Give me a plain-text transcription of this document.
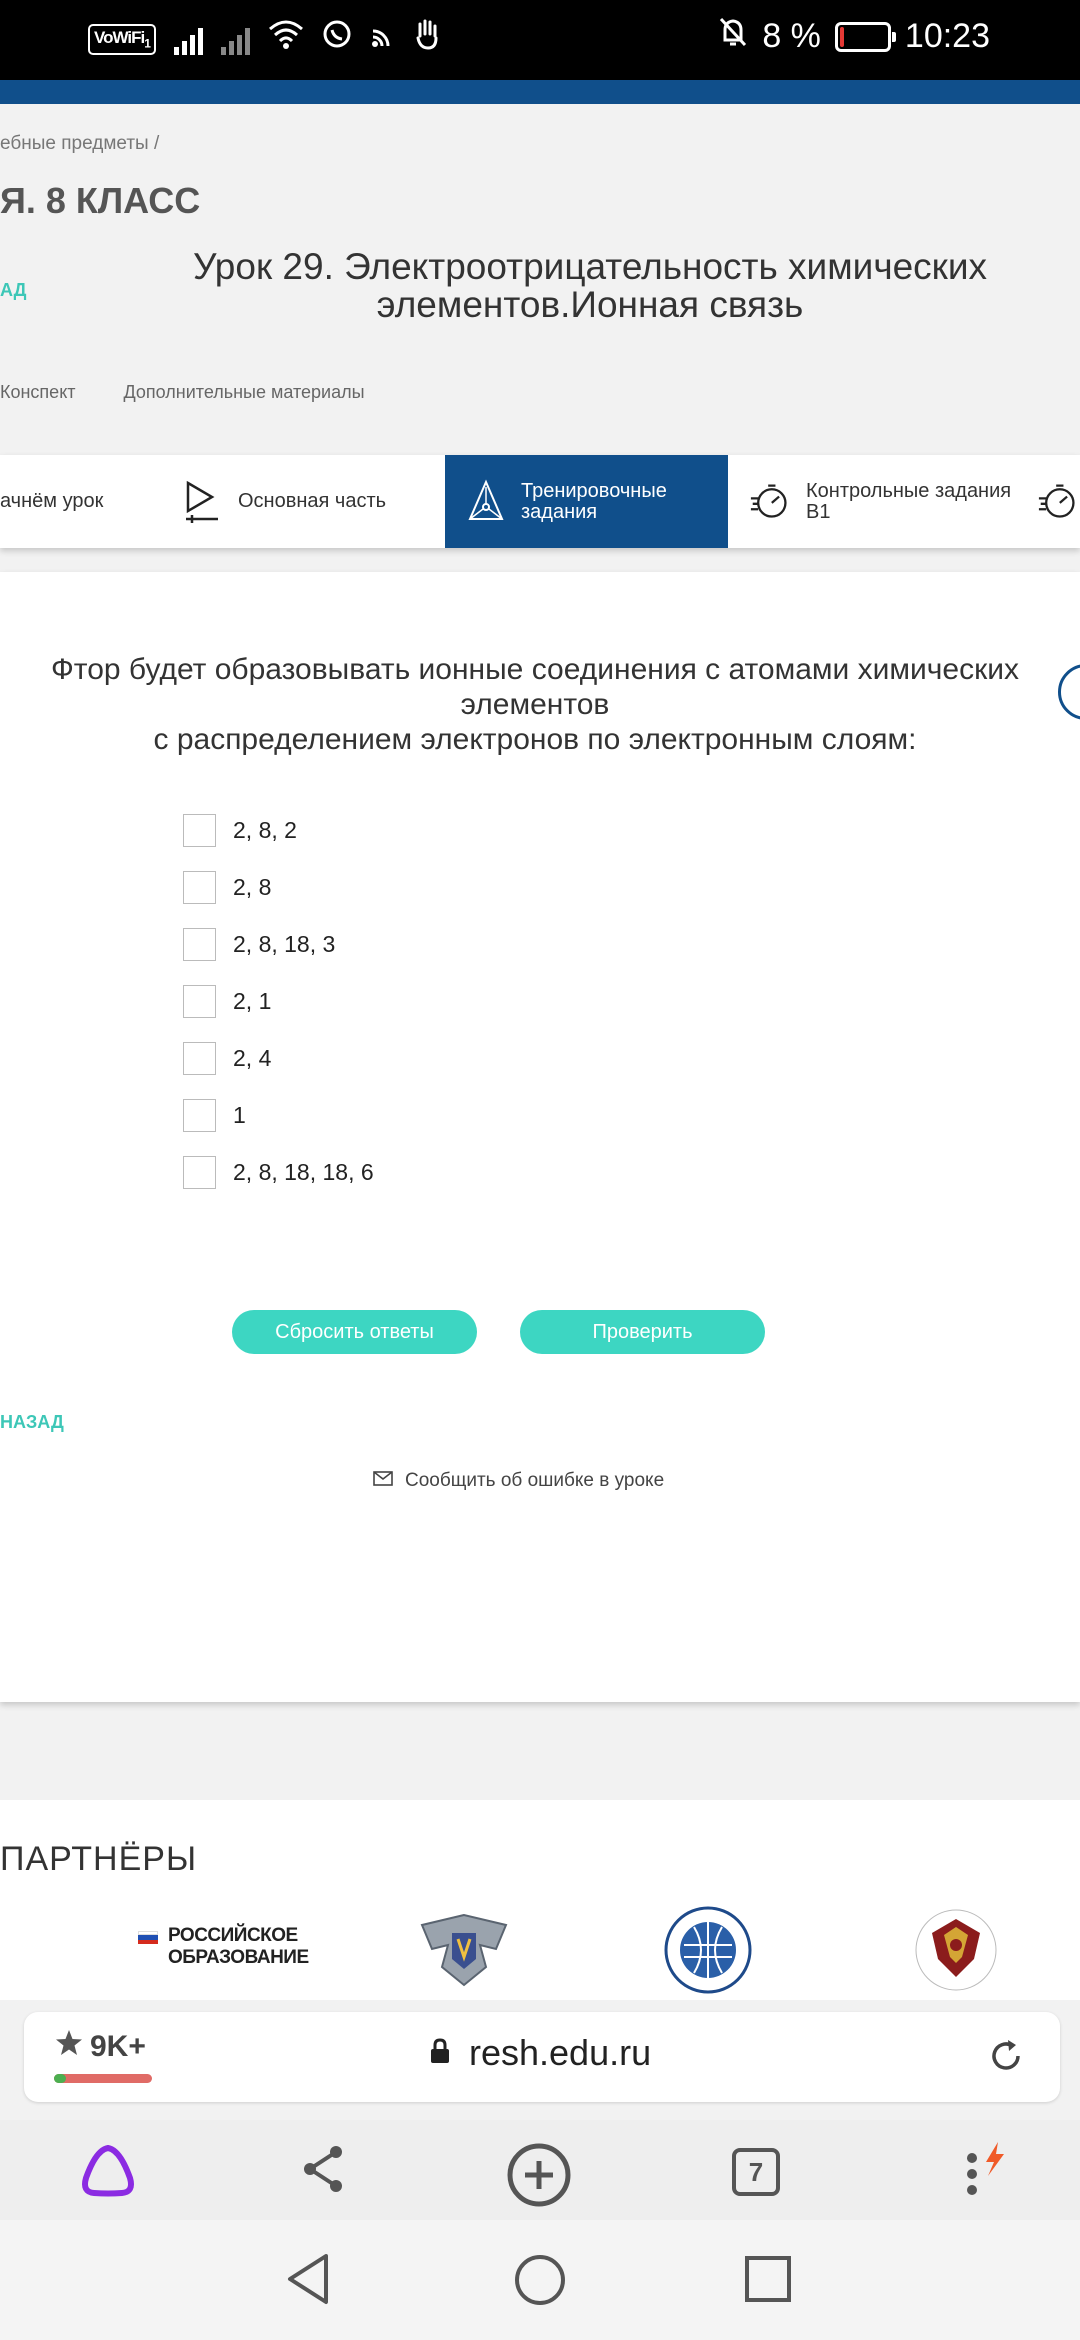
VoWiFi$_1$	8 % 10:23
ебные предметы /
Я. 8 КЛАСС
АД
Урок 29. Электроотрицательность химических элементов.Ионная связь
Конспект	Дополнительные материалы
ачнём урок	Основная часть	Тренировочные задания
Контрольные задания В1
Фтор будет образовывать ионные соединения с атомами химических элементов
с распределением электронов по электронным слоям:
2, 8, 2
2, 8
2, 8, 18, 3
2, 1
2, 4
1
2, 8, 18, 18, 6
Сбросить ответы	Проверить
НАЗАД
Сообщить об ошибке в уроке
ПАРТНЁРЫ
РОССИЙСКОЕ
ОБРАЗОВАНИЕ
9K+	resh.edu.ru
7
